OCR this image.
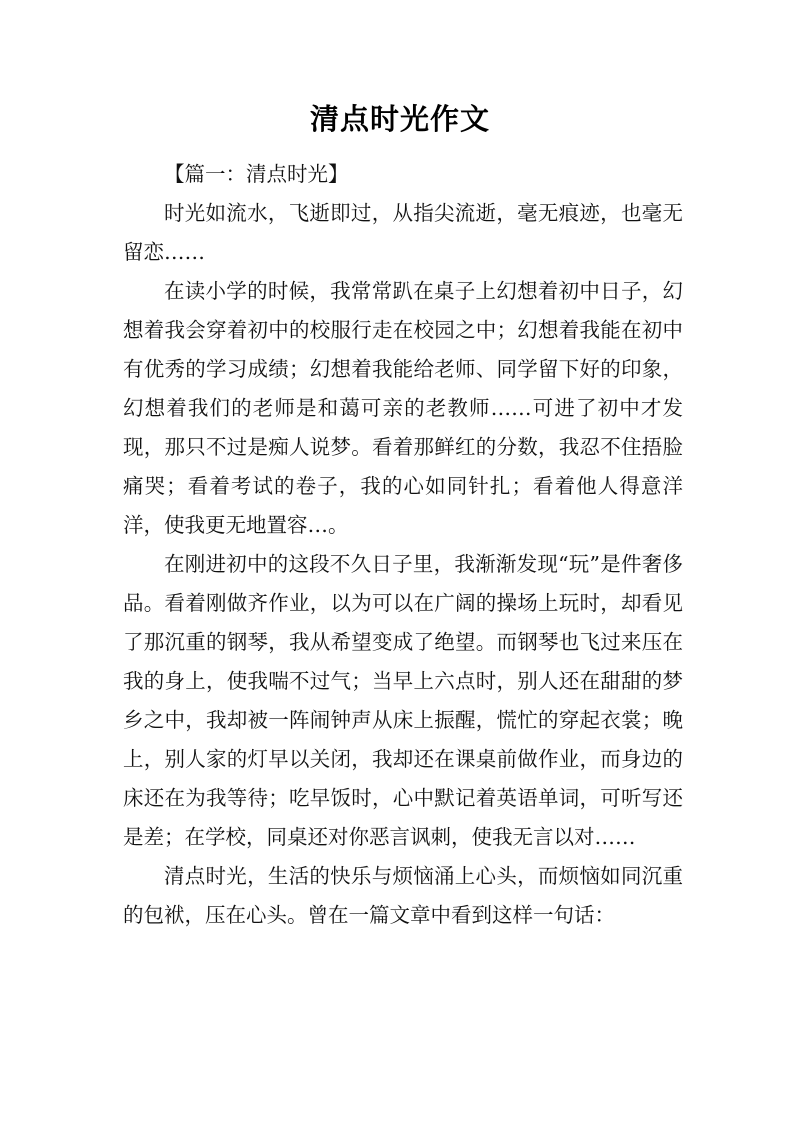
清点时光作文

【篇一：清点时光】

时光如流水，飞逝即过，从指尖流逝，毫无痕迹，也毫无留恋……

在读小学的时候，我常常趴在桌子上幻想着初中日子，幻想着我会穿着初中的校服行走在校园之中；幻想着我能在初中有优秀的学习成绩；幻想着我能给老师、同学留下好的印象，幻想着我们的老师是和蔼可亲的老教师……可进了初中才发现，那只不过是痴人说梦。看着那鲜红的分数，我忍不住捂脸痛哭；看着考试的卷子，我的心如同针扎；看着他人得意洋洋，使我更无地置容…。

在刚进初中的这段不久日子里，我渐渐发现“玩”是件奢侈品。看着刚做齐作业，以为可以在广阔的操场上玩时，却看见了那沉重的钢琴，我从希望变成了绝望。而钢琴也飞过来压在我的身上，使我喘不过气；当早上六点时，别人还在甜甜的梦乡之中，我却被一阵闹钟声从床上振醒，慌忙的穿起衣裳；晚上，别人家的灯早以关闭，我却还在课桌前做作业，而身边的床还在为我等待；吃早饭时，心中默记着英语单词，可听写还是差；在学校，同桌还对你恶言讽刺，使我无言以对……

清点时光，生活的快乐与烦恼涌上心头，而烦恼如同沉重的包袱，压在心头。曾在一篇文章中看到这样一句话：
